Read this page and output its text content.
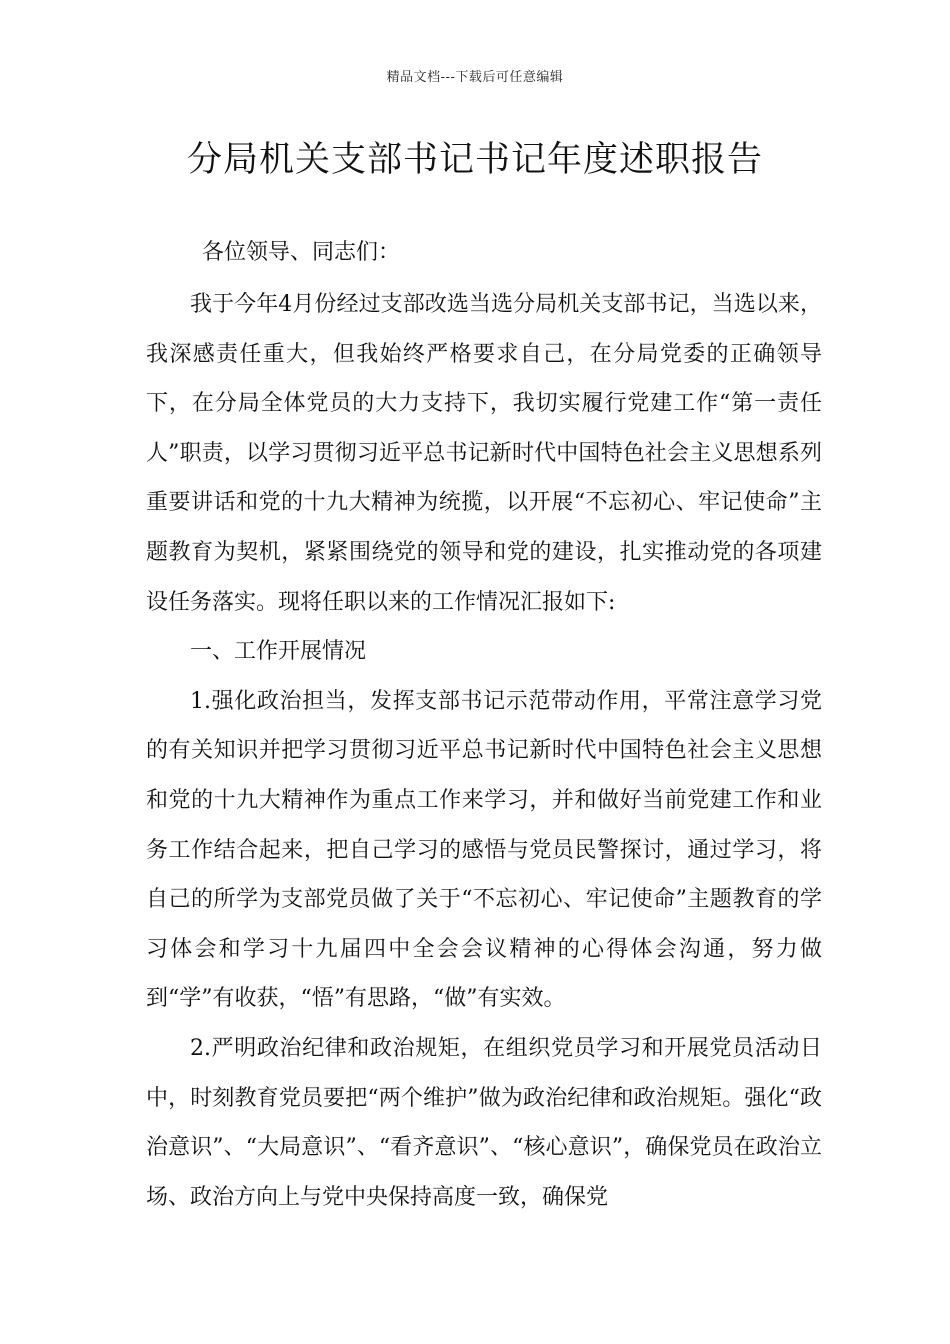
精品文档---下载后可任意编辑
分局机关支部书记书记年度述职报告

各位领导、同志们：

我于今年4月份经过支部改选当选分局机关支部书记，当选以来，我深感责任重大，但我始终严格要求自己，在分局党委的正确领导下，在分局全体党员的大力支持下，我切实履行党建工作“第一责任人”职责，以学习贯彻习近平总书记新时代中国特色社会主义思想系列重要讲话和党的十九大精神为统揽，以开展“不忘初心、牢记使命”主题教育为契机，紧紧围绕党的领导和党的建设，扎实推动党的各项建设任务落实。现将任职以来的工作情况汇报如下:

一、工作开展情况

1.强化政治担当，发挥支部书记示范带动作用，平常注意学习党的有关知识并把学习贯彻习近平总书记新时代中国特色社会主义思想和党的十九大精神作为重点工作来学习，并和做好当前党建工作和业务工作结合起来，把自己学习的感悟与党员民警探讨，通过学习，将自己的所学为支部党员做了关于“不忘初心、牢记使命”主题教育的学习体会和学习十九届四中全会会议精神的心得体会沟通，努力做到“学”有收获，“悟”有思路，“做”有实效。

2.严明政治纪律和政治规矩，在组织党员学习和开展党员活动日中，时刻教育党员要把“两个维护”做为政治纪律和政治规矩。强化“政治意识”、“大局意识”、“看齐意识”、“核心意识”，确保党员在政治立场、政治方向上与党中央保持高度一致，确保党
